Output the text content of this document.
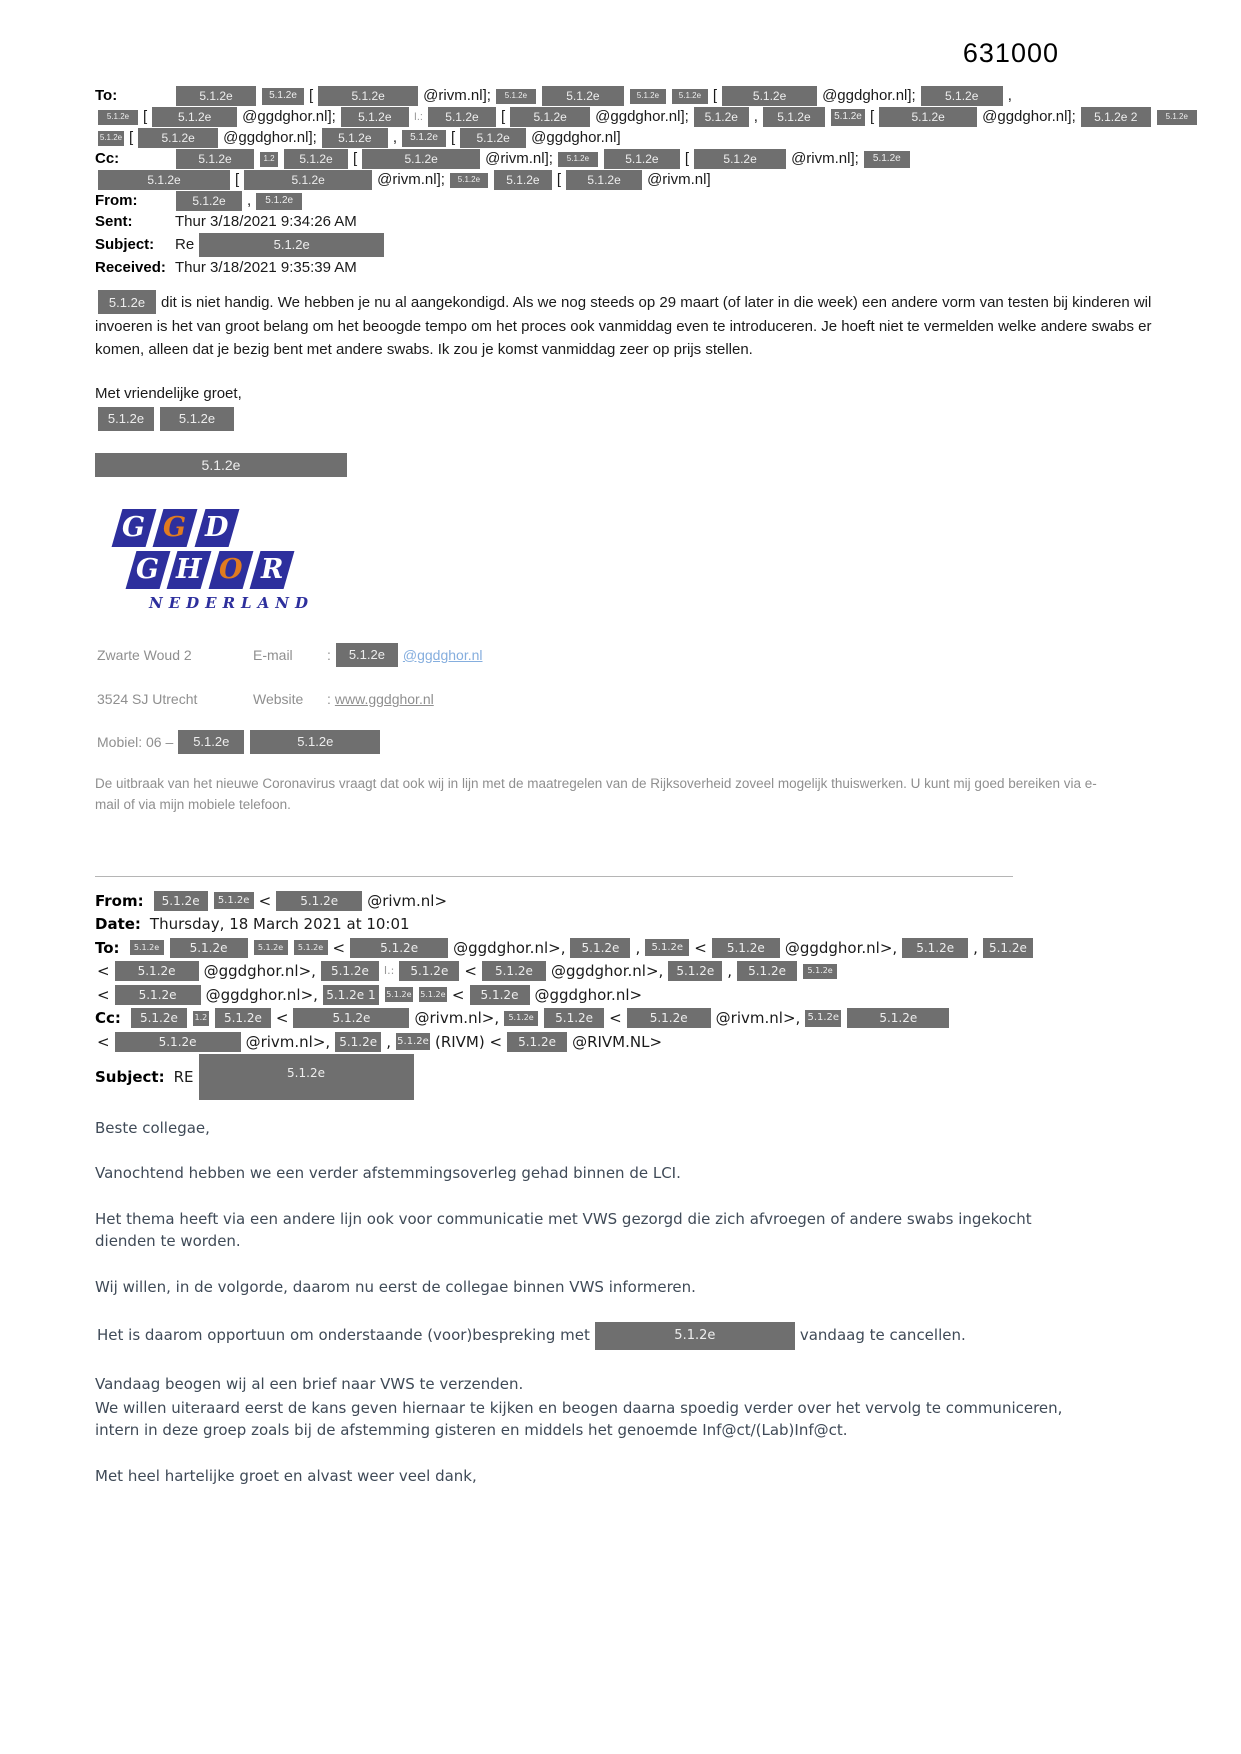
631000
To:	5.1.2e	5.1.2e [	5.1.2e	@rivm.nl]; 5.1.2e	5.1.2e	5.1.2e 5.1.2e [	5.1.2e @ggdghor.nl]; 5.1.2e ,
5.1.2e [	5.1.2e @ggdghor.nl]; 5.1.2e I.: 5.1.2e [ 5.1.2e @ggdghor.nl]; 5.1.2e , 5.1.2e 5.1.2e [	5.1.2e @ggdghor.nl]; 5.1.2e 2	5.1.2e
5.1.2e [ 5.1.2e @ggdghor.nl]; 5.1.2e , 5.1.2e [ 5.1.2e @ggdghor.nl]
Cc:	5.1.2e	1.2 5.1.2e [	5.1.2e	@rivm.nl]; 5.1.2e	5.1.2e [	5.1.2e @rivm.nl]; 5.1.2e
5.1.2e	[	5.1.2e	@rivm.nl]; 5.1.2e 5.1.2e [ 5.1.2e @rivm.nl]
From:	5.1.2e , 5.1.2e
Sent:	Thur 3/18/2021 9:34:26 AM
Subject: Re	5.1.2e
Received: Thur 3/18/2021 9:35:39 AM
5.1.2e dit is niet handig. We hebben je nu al aangekondigd. Als we nog steeds op 29 maart (of later in die week) een andere vorm van testen bij kinderen wil invoeren is het van groot belang om het beoogde tempo om het proces ook vanmiddag even te introduceren. Je hoeft niet te vermelden welke andere swabs er komen, alleen dat je bezig bent met andere swabs. Ik zou je komst vanmiddag zeer op prijs stellen.
Met vriendelijke groet,
5.1.2e	5.1.2e
5.1.2e
G G D
G H O R
NEDERLAND
Zwarte Woud 2	E-mail : 5.1.2e @ggdghor.nl
3524 SJ Utrecht	Website : www.ggdghor.nl
Mobiel: 06 – 5.1.2e	5.1.2e
De uitbraak van het nieuwe Coronavirus vraagt dat ook wij in lijn met de maatregelen van de Rijksoverheid zoveel mogelijk thuiswerken. U kunt mij goed bereiken via e-mail of via mijn mobiele telefoon.
From: 5.1.2e 5.1.2e < 5.1.2e @rivm.nl>
Date: Thursday, 18 March 2021 at 10:01
To: 5.1.2e	5.1.2e	5.1.2e 5.1.2e <	5.1.2e @ggdghor.nl>, 5.1.2e , 5.1.2e < 5.1.2e @ggdghor.nl>, 5.1.2e , 5.1.2e
< 5.1.2e @ggdghor.nl>, 5.1.2e I.: 5.1.2e < 5.1.2e @ggdghor.nl>, 5.1.2e , 5.1.2e	5.1.2e
< 5.1.2e @ggdghor.nl>, 5.1.2e 1 5.1.2e 5.1.2e < 5.1.2e @ggdghor.nl>
Cc: 5.1.2e 1.2 5.1.2e <	5.1.2e	@rivm.nl>, 5.1.2e 5.1.2e < 5.1.2e @rivm.nl>, 5.1.2e	5.1.2e
<	5.1.2e	@rivm.nl>, 5.1.2e , 5.1.2e (RIVM) < 5.1.2e @RIVM.NL>
Subject: RE	5.1.2e

Beste collegae,

Vanochtend hebben we een verder afstemmingsoverleg gehad binnen de LCI.

Het thema heeft via een andere lijn ook voor communicatie met VWS gezorgd die zich afvroegen of andere swabs ingekocht dienden te worden.

Wij willen, in de volgorde, daarom nu eerst de collegae binnen VWS informeren.

Het is daarom opportuun om onderstaande (voor)bespreking met	5.1.2e	vandaag te cancellen.

Vandaag beogen wij al een brief naar VWS te verzenden.

We willen uiteraard eerst de kans geven hiernaar te kijken en beogen daarna spoedig verder over het vervolg te communiceren, intern in deze groep zoals bij de afstemming gisteren en middels het genoemde Inf@ct/(Lab)Inf@ct.

Met heel hartelijke groet en alvast weer veel dank,
